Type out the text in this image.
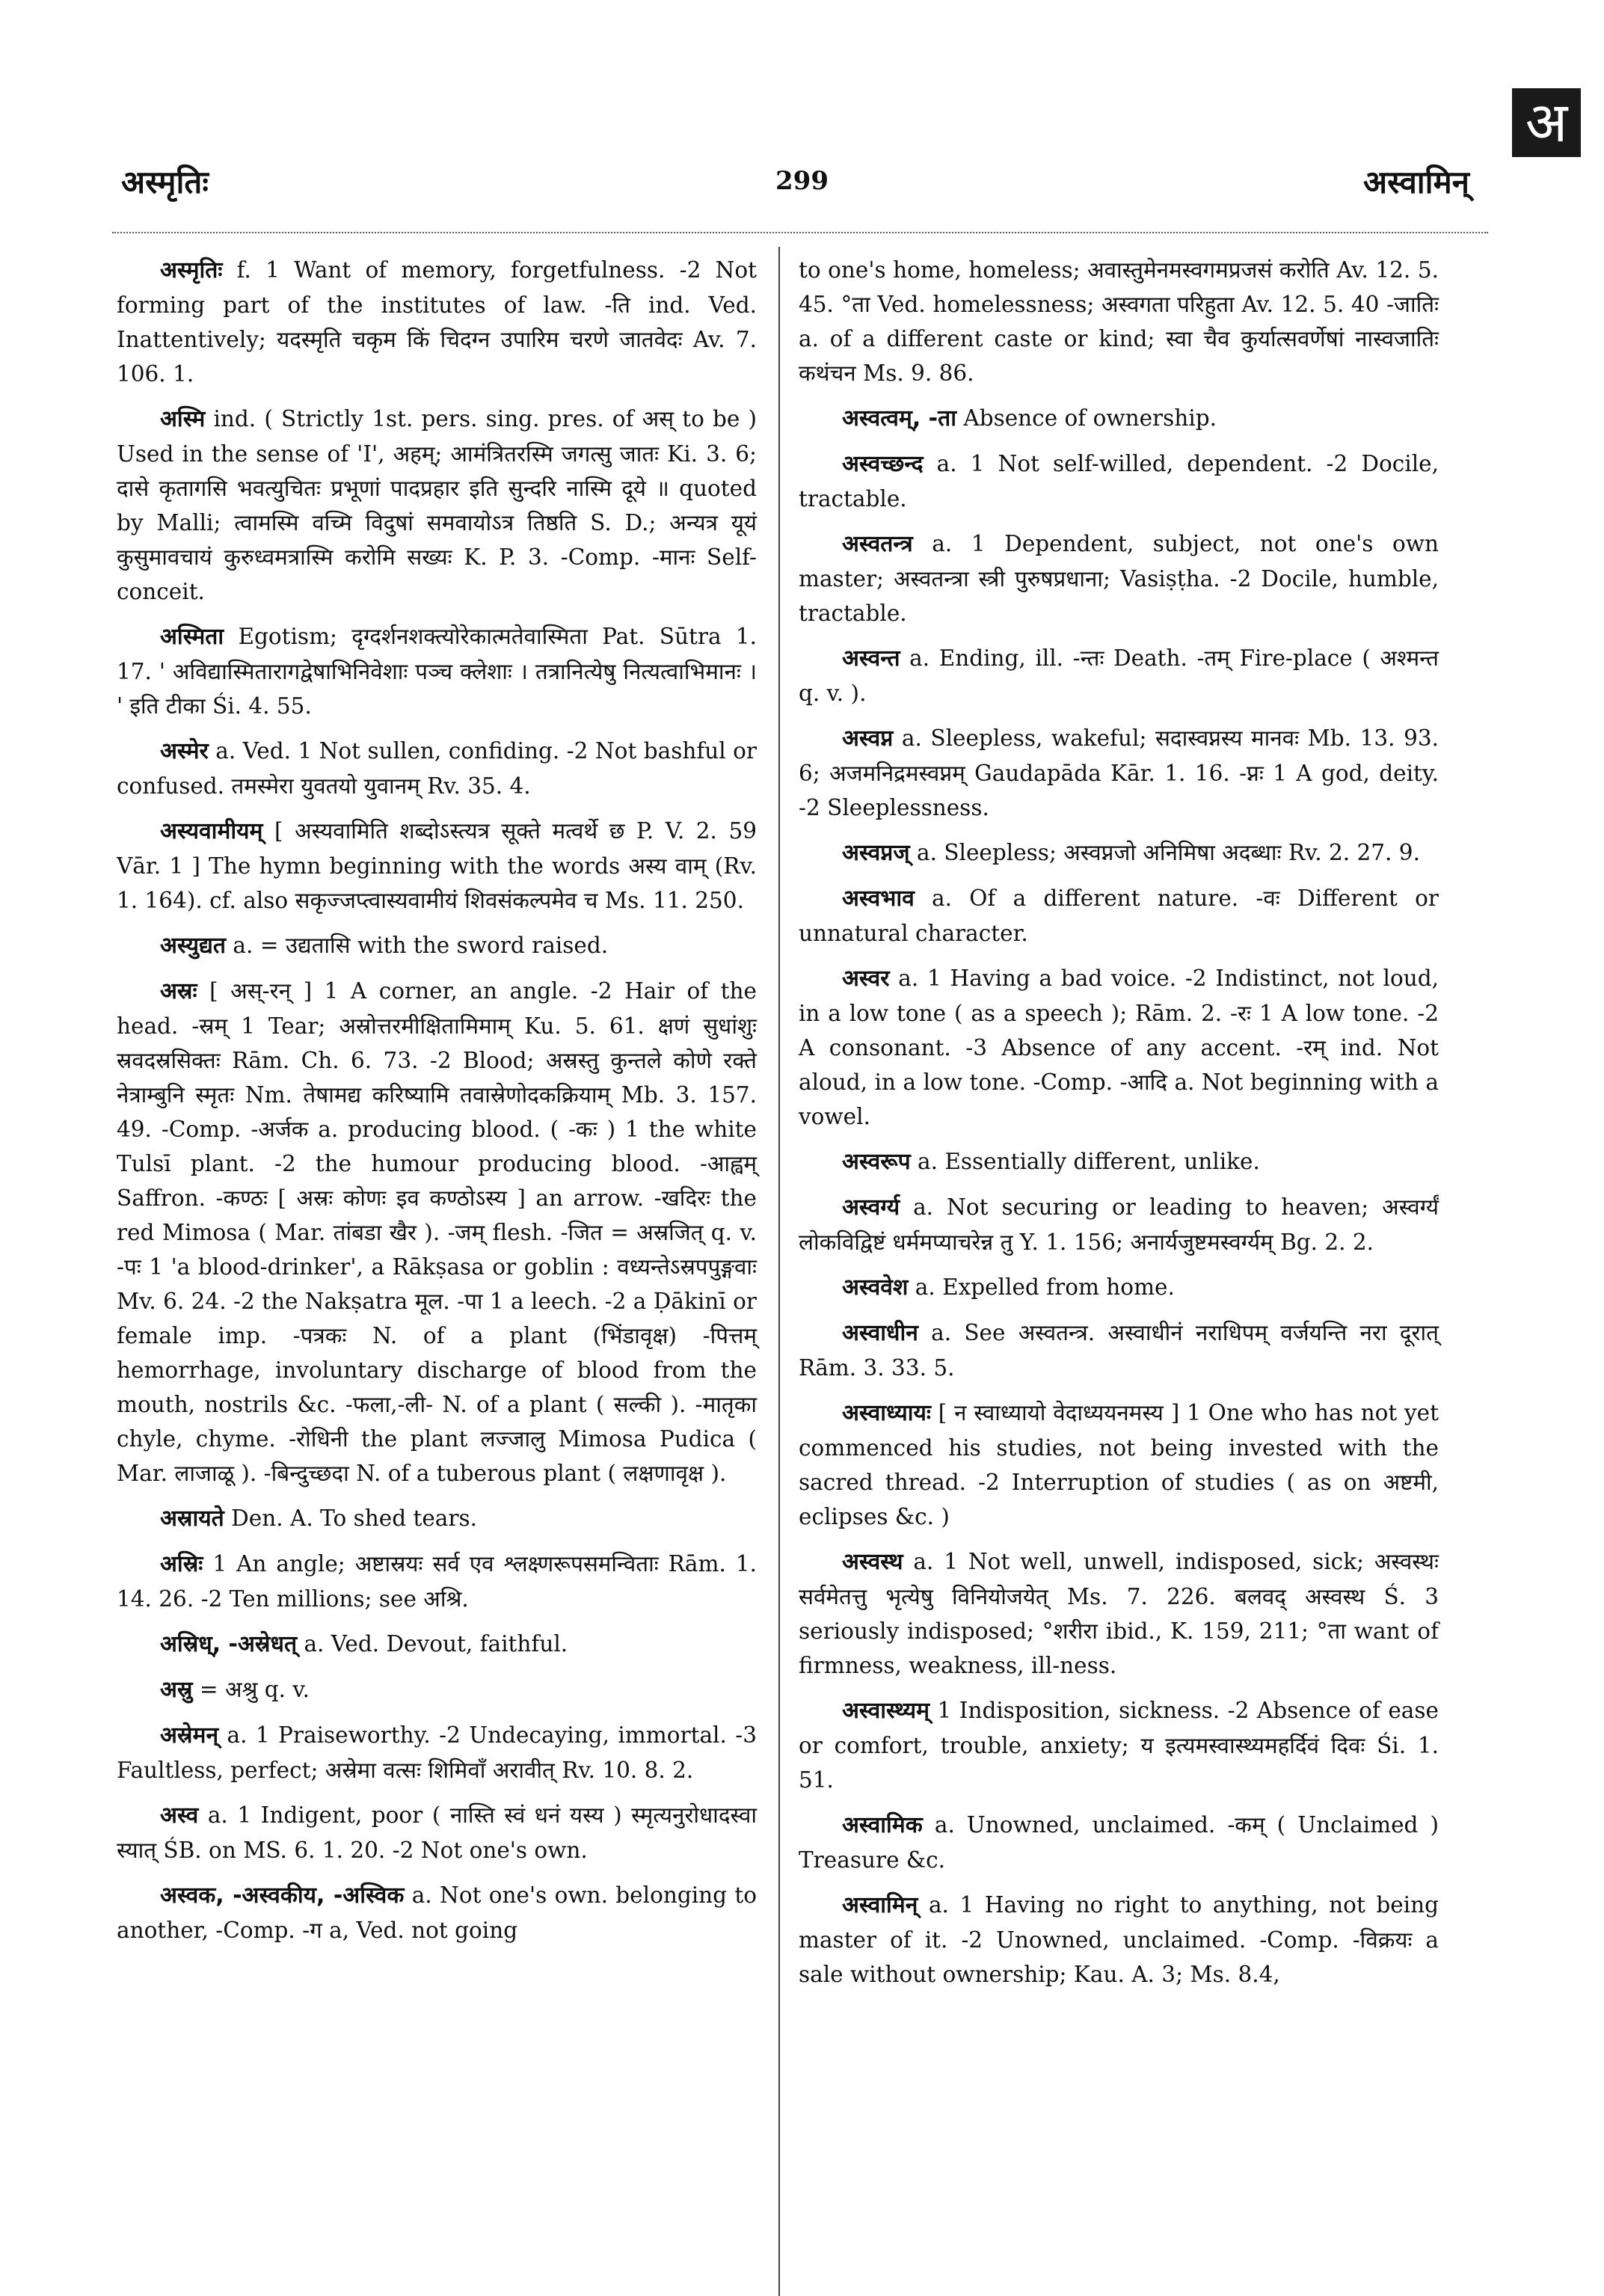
अ
अस्मृतिः	299	अस्वामिन्

अस्मृतिः f. 1 Want of memory, forgetfulness. -2 Not forming part of the institutes of law. -ति ind. Ved. Inattentively; यदस्मृति चकृम किं चिदग्न उपारिम चरणे जातवेदः Av. 7. 106. 1.

अस्मि ind. ( Strictly 1st. pers. sing. pres. of अस् to be ) Used in the sense of 'I', अहम्; आमंत्रितरस्मि जगत्सु जातः Ki. 3. 6; दासे कृतागसि भवत्युचितः प्रभूणां पादप्रहार इति सुन्दरि नास्मि दूये ॥ quoted by Malli; त्वामस्मि वच्मि विदुषां समवायोऽत्र तिष्ठति S. D.; अन्यत्र यूयं कुसुमावचायं कुरुध्वमत्रास्मि करोमि सख्यः K. P. 3. -Comp. -मानः Self-conceit.

अस्मिता Egotism; दृग्दर्शनशक्त्योरेकात्मतेवास्मिता Pat. Sūtra 1. 17. ' अविद्यास्मितारागद्वेषाभिनिवेशाः पञ्च क्लेशाः । तत्रानित्येषु नित्यत्वाभिमानः । ' इति टीका Śi. 4. 55.

अस्मेर a. Ved. 1 Not sullen, confiding. -2 Not bashful or confused. तमस्मेरा युवतयो युवानम् Rv. 35. 4.

अस्यवामीयम् [ अस्यवामिति शब्दोऽस्त्यत्र सूक्ते मत्वर्थे छ P. V. 2. 59 Vār. 1 ] The hymn beginning with the words अस्य वाम् (Rv. 1. 164). cf. also सकृज्जप्त्वास्यवामीयं शिवसंकल्पमेव च Ms. 11. 250.

अस्युद्यत a. = उद्यतासि with the sword raised.

अस्रः [ अस्-रन् ] 1 A corner, an angle. -2 Hair of the head. -स्रम् 1 Tear; अस्रोत्तरमीक्षितामिमाम् Ku. 5. 61. क्षणं सुधांशुः स्रवदस्रसिक्तः Rām. Ch. 6. 73. -2 Blood; अस्रस्तु कुन्तले कोणे रक्ते नेत्राम्बुनि स्मृतः Nm. तेषामद्य करिष्यामि तवास्रेणोदकक्रियाम् Mb. 3. 157. 49. -Comp. -अर्जक a. producing blood. ( -कः ) 1 the white Tulsī plant. -2 the humour producing blood. -आह्वम् Saffron. -कण्ठः [ अस्रः कोणः इव कण्ठोऽस्य ] an arrow. -खदिरः the red Mimosa ( Mar. तांबडा खैर ). -जम् flesh. -जित = अस्रजित् q. v. -पः 1 'a blood-drinker', a Rākṣasa or goblin : वध्यन्तेऽस्रपपुङ्गवाः Mv. 6. 24. -2 the Nakṣatra मूल. -पा 1 a leech. -2 a Ḍākinī or female imp. -पत्रकः N. of a plant (भिंडावृक्ष) -पित्तम् hemorrhage, involuntary discharge of blood from the mouth, nostrils &c. -फला,-ली- N. of a plant ( सल्की ). -मातृका chyle, chyme. -रोधिनी the plant लज्जालु Mimosa Pudica ( Mar. लाजाळू ). -बिन्दुच्छदा N. of a tuberous plant ( लक्षणावृक्ष ).

अस्रायते Den. A. To shed tears.

अस्रिः 1 An angle; अष्टास्रयः सर्व एव श्लक्ष्णरूपसमन्विताः Rām. 1. 14. 26. -2 Ten millions; see अश्रि.

अस्रिध्, -अस्रेधत् a. Ved. Devout, faithful.

अस्रु = अश्रु q. v.

अस्रेमन् a. 1 Praiseworthy. -2 Undecaying, immortal. -3 Faultless, perfect; अस्रेमा वत्सः शिमिवाँ अरावीत् Rv. 10. 8. 2.

अस्व a. 1 Indigent, poor ( नास्ति स्वं धनं यस्य ) स्मृत्यनुरोधादस्वा स्यात् ŚB. on MS. 6. 1. 20. -2 Not one's own.

अस्वक, -अस्वकीय, -अस्विक a. Not one's own. belonging to another, -Comp. -ग a, Ved. not going

to one's home, homeless; अवास्तुमेनमस्वगमप्रजसं करोति Av. 12. 5. 45. °ता Ved. homelessness; अस्वगता परिहुता Av. 12. 5. 40 -जातिः a. of a different caste or kind; स्वा चैव कुर्यात्सवर्णेषां नास्वजातिः कथंचन Ms. 9. 86.

अस्वत्वम्, -ता Absence of ownership.

अस्वच्छन्द a. 1 Not self-willed, dependent. -2 Docile, tractable.

अस्वतन्त्र a. 1 Dependent, subject, not one's own master; अस्वतन्त्रा स्त्री पुरुषप्रधाना; Vasiṣṭha. -2 Docile, humble, tractable.

अस्वन्त a. Ending, ill. -न्तः Death. -तम् Fire-place ( अश्मन्त q. v. ).

अस्वप्न a. Sleepless, wakeful; सदास्वप्नस्य मानवः Mb. 13. 93. 6; अजमनिद्रमस्वप्नम् Gaudapāda Kār. 1. 16. -प्नः 1 A god, deity. -2 Sleeplessness.

अस्वप्नज् a. Sleepless; अस्वप्नजो अनिमिषा अदब्धाः Rv. 2. 27. 9.

अस्वभाव a. Of a different nature. -वः Different or unnatural character.

अस्वर a. 1 Having a bad voice. -2 Indistinct, not loud, in a low tone ( as a speech ); Rām. 2. -रः 1 A low tone. -2 A consonant. -3 Absence of any accent. -रम् ind. Not aloud, in a low tone. -Comp. -आदि a. Not beginning with a vowel.

अस्वरूप a. Essentially different, unlike.

अस्वर्ग्य a. Not securing or leading to heaven; अस्वर्ग्यं लोकविद्विष्टं धर्ममप्याचरेन्न तु Y. 1. 156; अनार्यजुष्टमस्वर्ग्यम् Bg. 2. 2.

अस्ववेश a. Expelled from home.

अस्वाधीन a. See अस्वतन्त्र. अस्वाधीनं नराधिपम् वर्जयन्ति नरा दूरात् Rām. 3. 33. 5.

अस्वाध्यायः [ न स्वाध्यायो वेदाध्ययनमस्य ] 1 One who has not yet commenced his studies, not being invested with the sacred thread. -2 Interruption of studies ( as on अष्टमी, eclipses &c. )

अस्वस्थ a. 1 Not well, unwell, indisposed, sick; अस्वस्थः सर्वमेतत्तु भृत्येषु विनियोजयेत् Ms. 7. 226. बलवद् अस्वस्थ Ś. 3 seriously indisposed; °शरीरा ibid., K. 159, 211; °ता want of firmness, weakness, ill-ness.

अस्वास्थ्यम् 1 Indisposition, sickness. -2 Absence of ease or comfort, trouble, anxiety; य इत्यमस्वास्थ्यमहर्दिवं दिवः Śi. 1. 51.

अस्वामिक a. Unowned, unclaimed. -कम् ( Unclaimed ) Treasure &c.

अस्वामिन् a. 1 Having no right to anything, not being master of it. -2 Unowned, unclaimed. -Comp. -विक्रयः a sale without ownership; Kau. A. 3; Ms. 8.4,
